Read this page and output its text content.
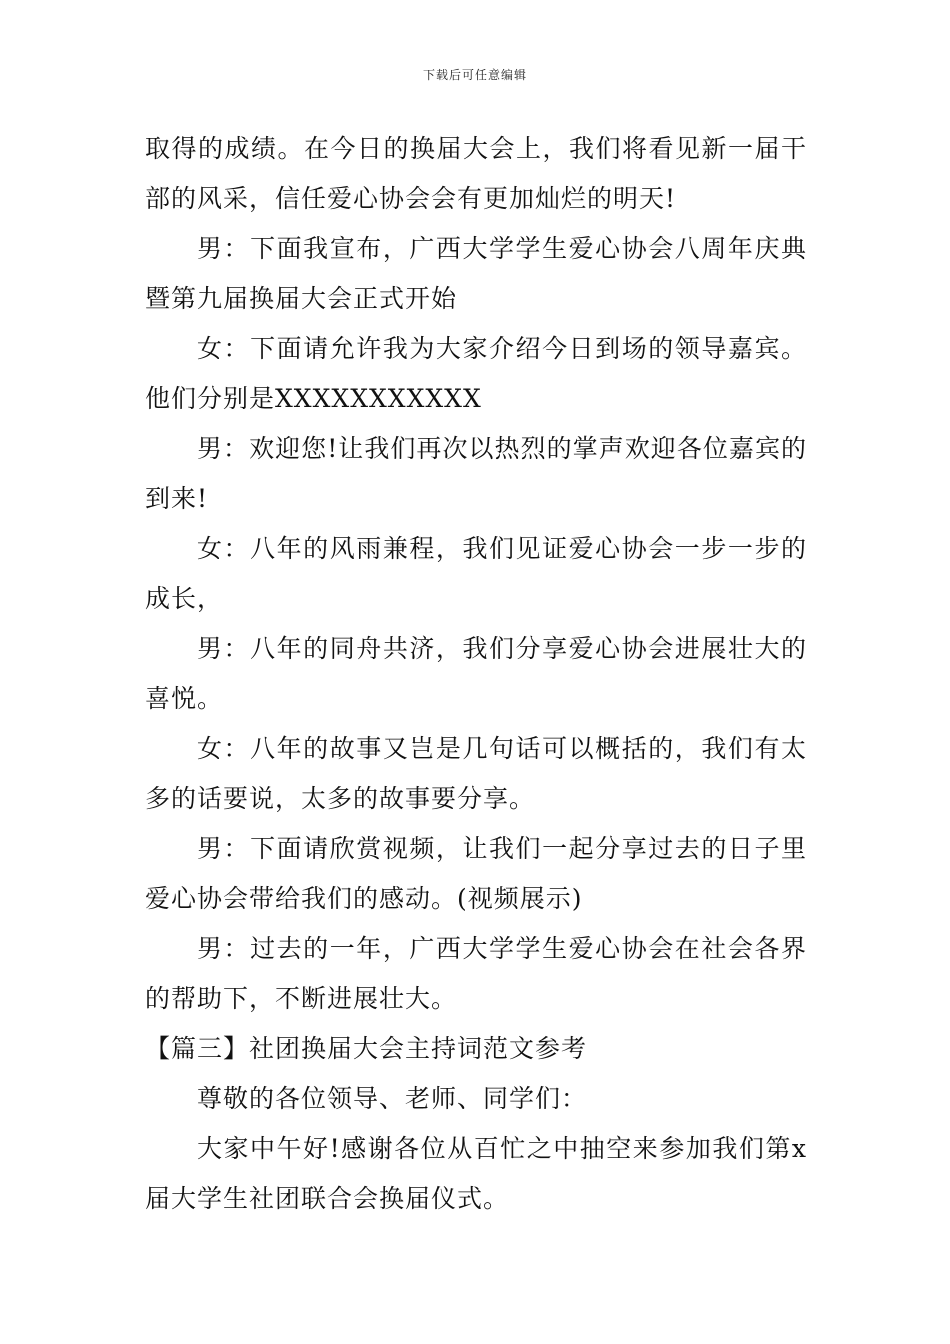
下载后可任意编辑

取得的成绩。在今日的换届大会上，我们将看见新一届干部的风采，信任爱心协会会有更加灿烂的明天!

男：下面我宣布，广西大学学生爱心协会八周年庆典暨第九届换届大会正式开始

女：下面请允许我为大家介绍今日到场的领导嘉宾。他们分别是XXXXXXXXXXX

男：欢迎您!让我们再次以热烈的掌声欢迎各位嘉宾的到来!

女：八年的风雨兼程，我们见证爱心协会一步一步的成长，

男：八年的同舟共济，我们分享爱心协会进展壮大的喜悦。

女：八年的故事又岂是几句话可以概括的，我们有太多的话要说，太多的故事要分享。

男：下面请欣赏视频，让我们一起分享过去的日子里爱心协会带给我们的感动。(视频展示)

男：过去的一年，广西大学学生爱心协会在社会各界的帮助下，不断进展壮大。

【篇三】社团换届大会主持词范文参考

尊敬的各位领导、老师、同学们：

大家中午好!感谢各位从百忙之中抽空来参加我们第x届大学生社团联合会换届仪式。
